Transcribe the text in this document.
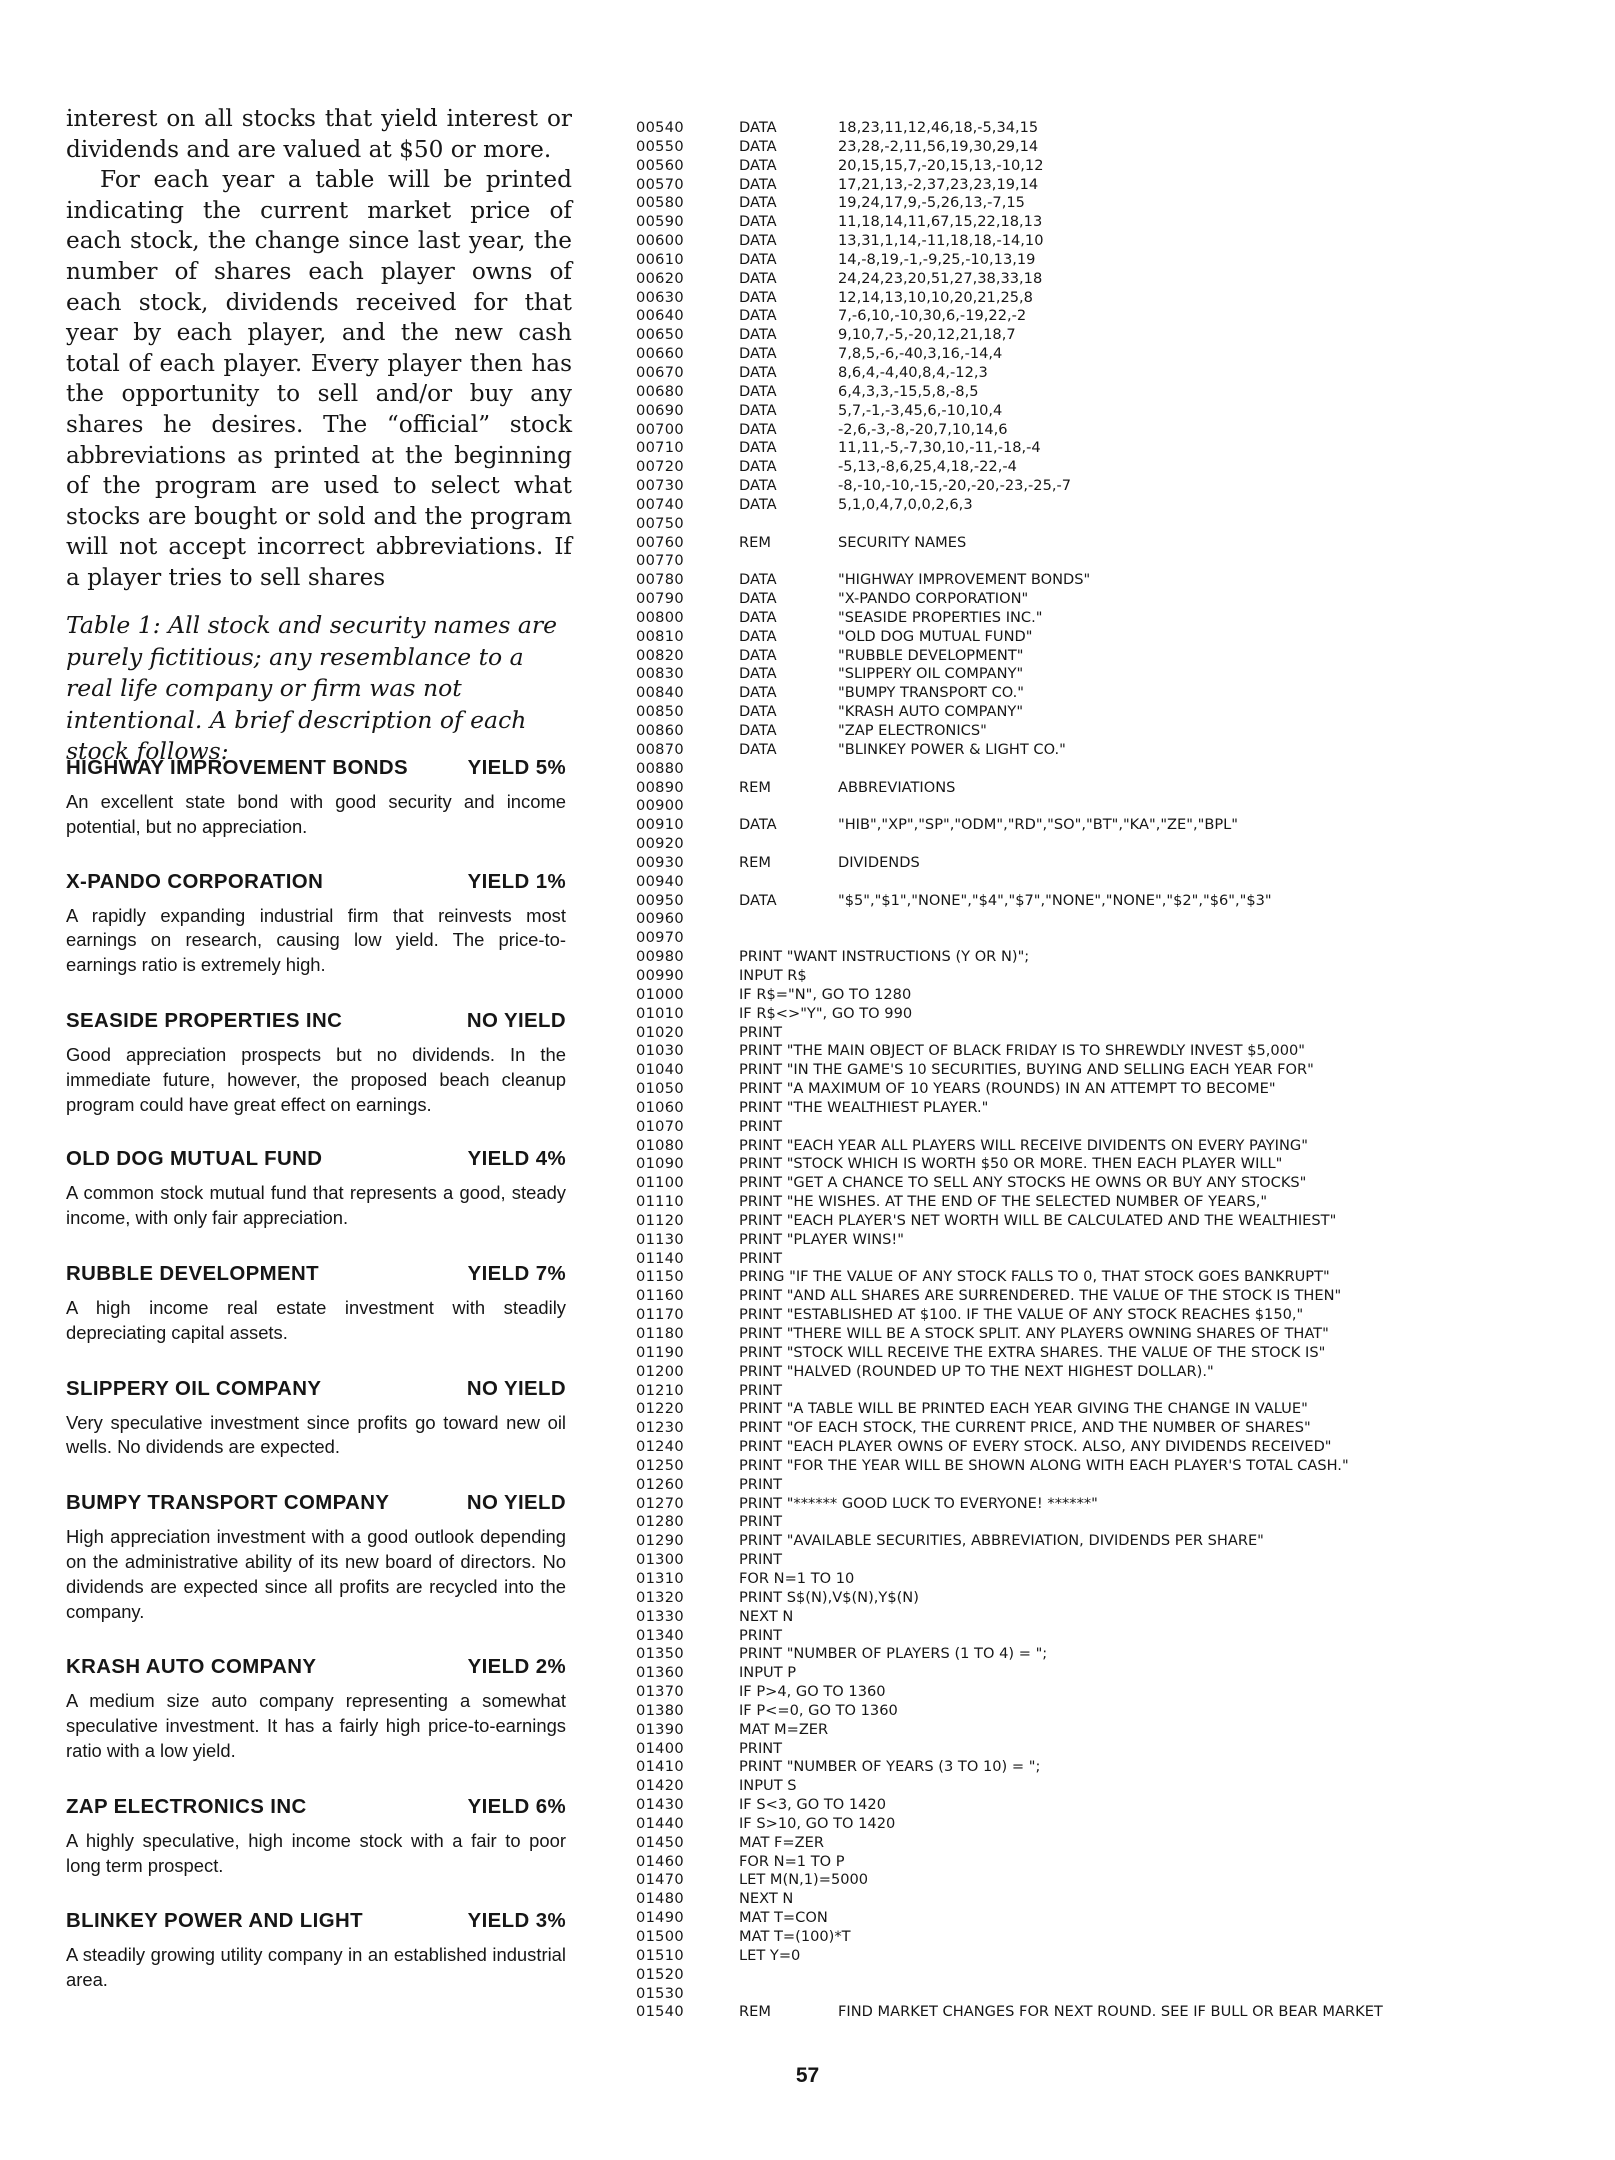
interest on all stocks that yield interest or dividends and are valued at $50 or more.

For each year a table will be printed indicating the current market price of each stock, the change since last year, the number of shares each player owns of each stock, dividends received for that year by each player, and the new cash total of each player. Every player then has the opportunity to sell and/or buy any shares he desires. The “official” stock abbreviations as printed at the beginning of the program are used to select what stocks are bought or sold and the program will not accept incorrect abbreviations. If a player tries to sell shares

Table 1: All stock and security names are purely fictitious; any resemblance to a real life company or firm was not intentional. A brief description of each stock follows:

HIGHWAY IMPROVEMENT BONDS	YIELD 5%
An excellent state bond with good security and income potential, but no appreciation.
X-PANDO CORPORATION	YIELD 1%
A rapidly expanding industrial firm that reinvests most earnings on research, causing low yield. The price-to-earnings ratio is extremely high.
SEASIDE PROPERTIES INC	NO YIELD
Good appreciation prospects but no dividends. In the immediate future, however, the proposed beach cleanup program could have great effect on earnings.
OLD DOG MUTUAL FUND	YIELD 4%
A common stock mutual fund that represents a good, steady income, with only fair appreciation.
RUBBLE DEVELOPMENT	YIELD 7%
A high income real estate investment with steadily depreciating capital assets.
SLIPPERY OIL COMPANY	NO YIELD
Very speculative investment since profits go toward new oil wells. No dividends are expected.
BUMPY TRANSPORT COMPANY	NO YIELD
High appreciation investment with a good outlook depending on the administrative ability of its new board of directors. No dividends are expected since all profits are recycled into the company.
KRASH AUTO COMPANY	YIELD 2%
A medium size auto company representing a somewhat speculative investment. It has a fairly high price-to-earnings ratio with a low yield.
ZAP ELECTRONICS INC	YIELD 6%
A highly speculative, high income stock with a fair to poor long term prospect.
BLINKEY POWER AND LIGHT	YIELD 3%
A steadily growing utility company in an established industrial area.
00540	DATA	18,23,11,12,46,18,-5,34,15
00550	DATA	23,28,-2,11,56,19,30,29,14
00560	DATA	20,15,15,7,-20,15,13,-10,12
00570	DATA	17,21,13,-2,37,23,23,19,14
00580	DATA	19,24,17,9,-5,26,13,-7,15
00590	DATA	11,18,14,11,67,15,22,18,13
00600	DATA	13,31,1,14,-11,18,18,-14,10
00610	DATA	14,-8,19,-1,-9,25,-10,13,19
00620	DATA	24,24,23,20,51,27,38,33,18
00630	DATA	12,14,13,10,10,20,21,25,8
00640	DATA	7,-6,10,-10,30,6,-19,22,-2
00650	DATA	9,10,7,-5,-20,12,21,18,7
00660	DATA	7,8,5,-6,-40,3,16,-14,4
00670	DATA	8,6,4,-4,40,8,4,-12,3
00680	DATA	6,4,3,3,-15,5,8,-8,5
00690	DATA	5,7,-1,-3,45,6,-10,10,4
00700	DATA	-2,6,-3,-8,-20,7,10,14,6
00710	DATA	11,11,-5,-7,30,10,-11,-18,-4
00720	DATA	-5,13,-8,6,25,4,18,-22,-4
00730	DATA	-8,-10,-10,-15,-20,-20,-23,-25,-7
00740	DATA	5,1,0,4,7,0,0,2,6,3
00750
00760	REM	SECURITY NAMES
00770
00780	DATA	"HIGHWAY IMPROVEMENT BONDS"
00790	DATA	"X-PANDO CORPORATION"
00800	DATA	"SEASIDE PROPERTIES INC."
00810	DATA	"OLD DOG MUTUAL FUND"
00820	DATA	"RUBBLE DEVELOPMENT"
00830	DATA	"SLIPPERY OIL COMPANY"
00840	DATA	"BUMPY TRANSPORT CO."
00850	DATA	"KRASH AUTO COMPANY"
00860	DATA	"ZAP ELECTRONICS"
00870	DATA	"BLINKEY POWER & LIGHT CO."
00880
00890	REM	ABBREVIATIONS
00900
00910	DATA	"HIB","XP","SP","ODM","RD","SO","BT","KA","ZE","BPL"
00920
00930	REM	DIVIDENDS
00940
00950	DATA	"$5","$1","NONE","$4","$7","NONE","NONE","$2","$6","$3"
00960
00970
00980	PRINT "WANT INSTRUCTIONS (Y OR N)";
00990	INPUT R$
01000	IF R$="N", GO TO 1280
01010	IF R$<>"Y", GO TO 990
01020	PRINT
01030	PRINT "THE MAIN OBJECT OF BLACK FRIDAY IS TO SHREWDLY INVEST $5,000"
01040	PRINT "IN THE GAME'S 10 SECURITIES, BUYING AND SELLING EACH YEAR FOR"
01050	PRINT "A MAXIMUM OF 10 YEARS (ROUNDS) IN AN ATTEMPT TO BECOME"
01060	PRINT "THE WEALTHIEST PLAYER."
01070	PRINT
01080	PRINT "EACH YEAR ALL PLAYERS WILL RECEIVE DIVIDENTS ON EVERY PAYING"
01090	PRINT "STOCK WHICH IS WORTH $50 OR MORE. THEN EACH PLAYER WILL"
01100	PRINT "GET A CHANCE TO SELL ANY STOCKS HE OWNS OR BUY ANY STOCKS"
01110	PRINT "HE WISHES. AT THE END OF THE SELECTED NUMBER OF YEARS,"
01120	PRINT "EACH PLAYER'S NET WORTH WILL BE CALCULATED AND THE WEALTHIEST"
01130	PRINT "PLAYER WINS!"
01140	PRINT
01150	PRING "IF THE VALUE OF ANY STOCK FALLS TO 0, THAT STOCK GOES BANKRUPT"
01160	PRINT "AND ALL SHARES ARE SURRENDERED. THE VALUE OF THE STOCK IS THEN"
01170	PRINT "ESTABLISHED AT $100. IF THE VALUE OF ANY STOCK REACHES $150,"
01180	PRINT "THERE WILL BE A STOCK SPLIT. ANY PLAYERS OWNING SHARES OF THAT"
01190	PRINT "STOCK WILL RECEIVE THE EXTRA SHARES. THE VALUE OF THE STOCK IS"
01200	PRINT "HALVED (ROUNDED UP TO THE NEXT HIGHEST DOLLAR)."
01210	PRINT
01220	PRINT "A TABLE WILL BE PRINTED EACH YEAR GIVING THE CHANGE IN VALUE"
01230	PRINT "OF EACH STOCK, THE CURRENT PRICE, AND THE NUMBER OF SHARES"
01240	PRINT "EACH PLAYER OWNS OF EVERY STOCK. ALSO, ANY DIVIDENDS RECEIVED"
01250	PRINT "FOR THE YEAR WILL BE SHOWN ALONG WITH EACH PLAYER'S TOTAL CASH."
01260	PRINT
01270	PRINT "****** GOOD LUCK TO EVERYONE! ******"
01280	PRINT
01290	PRINT "AVAILABLE SECURITIES, ABBREVIATION, DIVIDENDS PER SHARE"
01300	PRINT
01310	FOR N=1 TO 10
01320	PRINT S$(N),V$(N),Y$(N)
01330	NEXT N
01340	PRINT
01350	PRINT "NUMBER OF PLAYERS (1 TO 4) = ";
01360	INPUT P
01370	IF P>4, GO TO 1360
01380	IF P<=0, GO TO 1360
01390	MAT M=ZER
01400	PRINT
01410	PRINT "NUMBER OF YEARS (3 TO 10) = ";
01420	INPUT S
01430	IF S<3, GO TO 1420
01440	IF S>10, GO TO 1420
01450	MAT F=ZER
01460	FOR N=1 TO P
01470	LET M(N,1)=5000
01480	NEXT N
01490	MAT T=CON
01500	MAT T=(100)*T
01510	LET Y=0
01520
01530
01540	REM	FIND MARKET CHANGES FOR NEXT ROUND. SEE IF BULL OR BEAR MARKET
57
